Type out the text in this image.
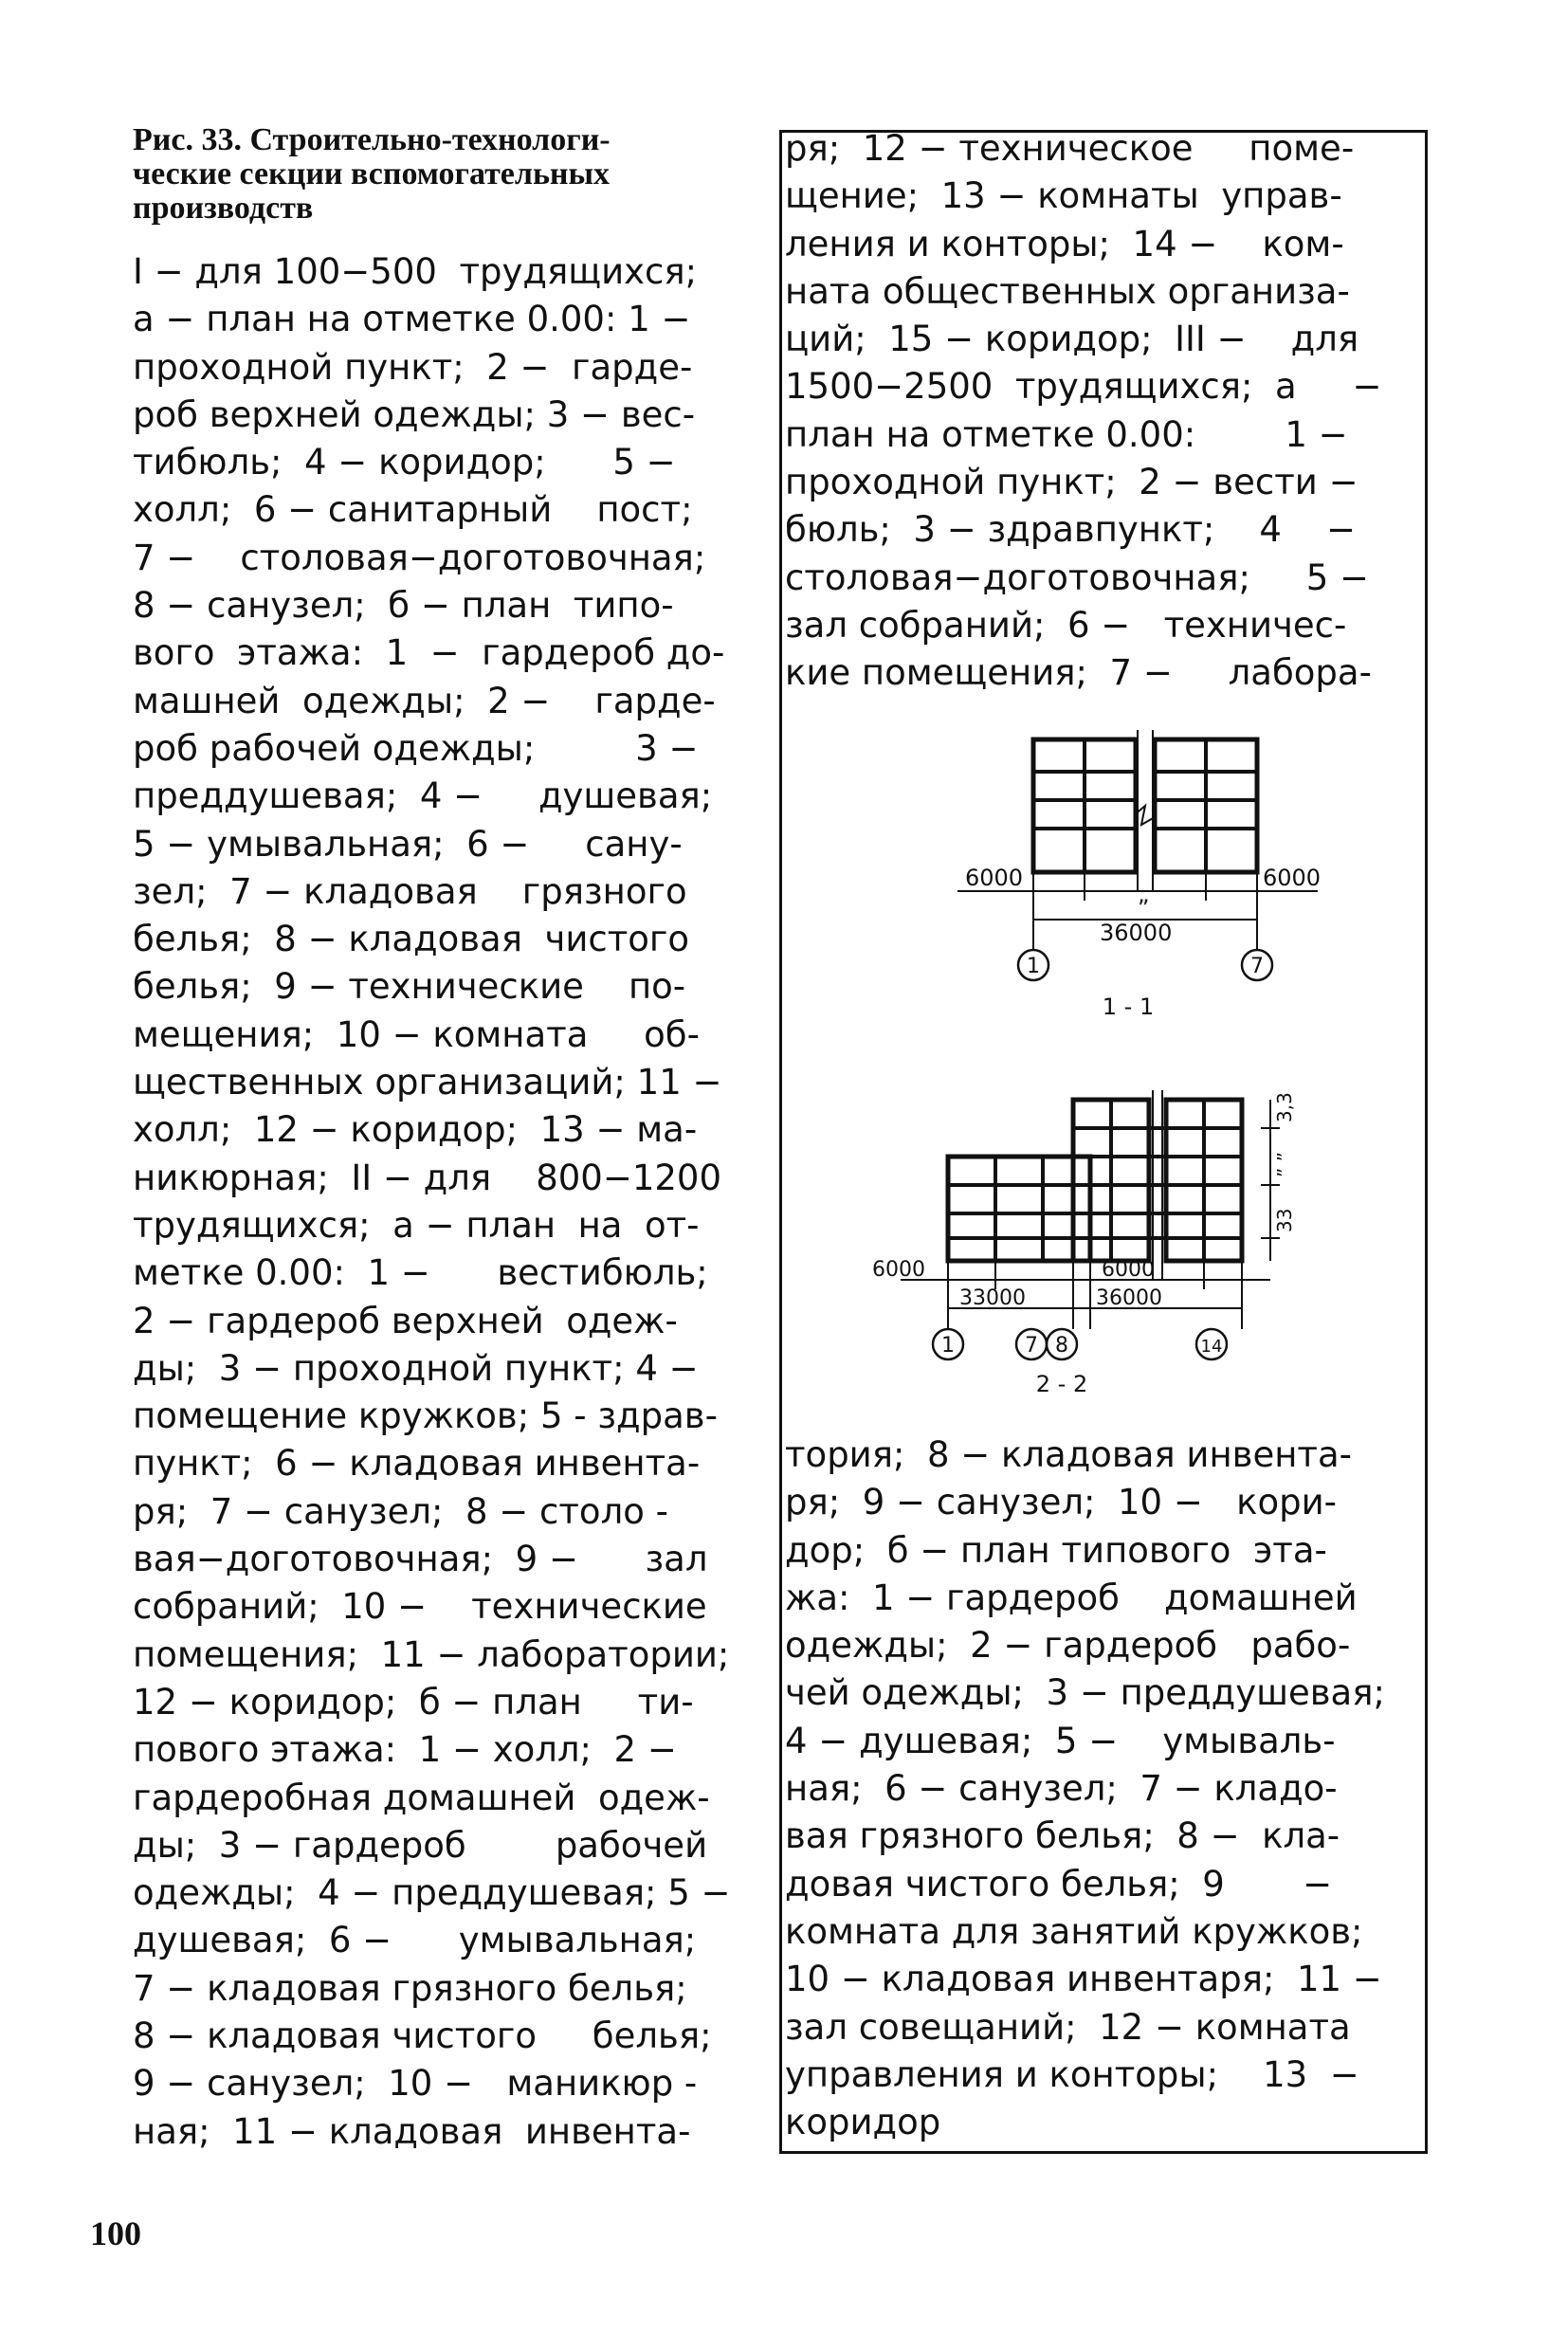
Рис. 33. Строительно-технологи-
ческие секции вспомогательных
производств
I − для 100−500  трудящихся;
а − план на отметке 0.00: 1 −
проходной пункт;  2 −  гарде-
роб верхней одежды; 3 − вес-
тибюль;  4 − коридор;      5 −
холл;  6 − санитарный    пост;
7 −    столовая−доготовочная;
8 − санузел;  б − план  типо-
вого  этажа:  1  −  гардероб до-
машней  одежды;  2 −    гарде-
роб рабочей одежды;         3 −
преддушевая;  4 −     душевая;
5 − умывальная;  6 −     сану-
зел;  7 − кладовая    грязного
белья;  8 − кладовая  чистого
белья;  9 − технические    по-
мещения;  10 − комната     об-
щественных организаций; 11 −
холл;  12 − коридор;  13 − ма-
никюрная;  II − для    800−1200
трудящихся;  а − план  на  от-
метке 0.00:  1 −      вестибюль;
2 − гардероб верхней  одеж-
ды;  3 − проходной пункт; 4 −
помещение кружков; 5 - здрав-
пункт;  6 − кладовая инвента-
ря;  7 − санузел;  8 − столо -
вая−доготовочная;  9 −      зал
собраний;  10 −    технические
помещения;  11 − лаборатории;
12 − коридор;  б − план     ти-
пового этажа:  1 − холл;  2 −
гардеробная домашней  одеж-
ды;  3 − гардероб        рабочей
одежды;  4 − преддушевая; 5 −
душевая;  6 −      умывальная;
7 − кладовая грязного белья;
8 − кладовая чистого     белья;
9 − санузел;  10 −   маникюр -
ная;  11 − кладовая  инвента-
ря;  12 − техническое     поме-
щение;  13 − комнаты  управ-
ления и конторы;  14 −    ком-
ната общественных организа-
ций;  15 − коридор;  III −    для
1500−2500  трудящихся;  а     −
план на отметке 0.00:        1 −
проходной пункт;  2 − вести −
бюль;  3 − здравпункт;    4    −
столовая−доготовочная;     5 −
зал собраний;  6 −   техничес-
кие помещения;  7 −     лабора-
6000
”
6000
36000
1	7
1 - 1
6000	6000
33000	36000
3,3
” ”
33
1	7 8	14
2 - 2
тория;  8 − кладовая инвента-
ря;  9 − санузел;  10 −   кори-
дор;  б − план типового  эта-
жа:  1 − гардероб    домашней
одежды;  2 − гардероб   рабо-
чей одежды;  3 − преддушевая;
4 − душевая;  5 −    умываль-
ная;  6 − санузел;  7 − кладо-
вая грязного белья;  8 −  кла-
довая чистого белья;  9       −
комната для занятий кружков;
10 − кладовая инвентаря;  11 −
зал совещаний;  12 − комната
управления и конторы;    13  −
коридор
100
